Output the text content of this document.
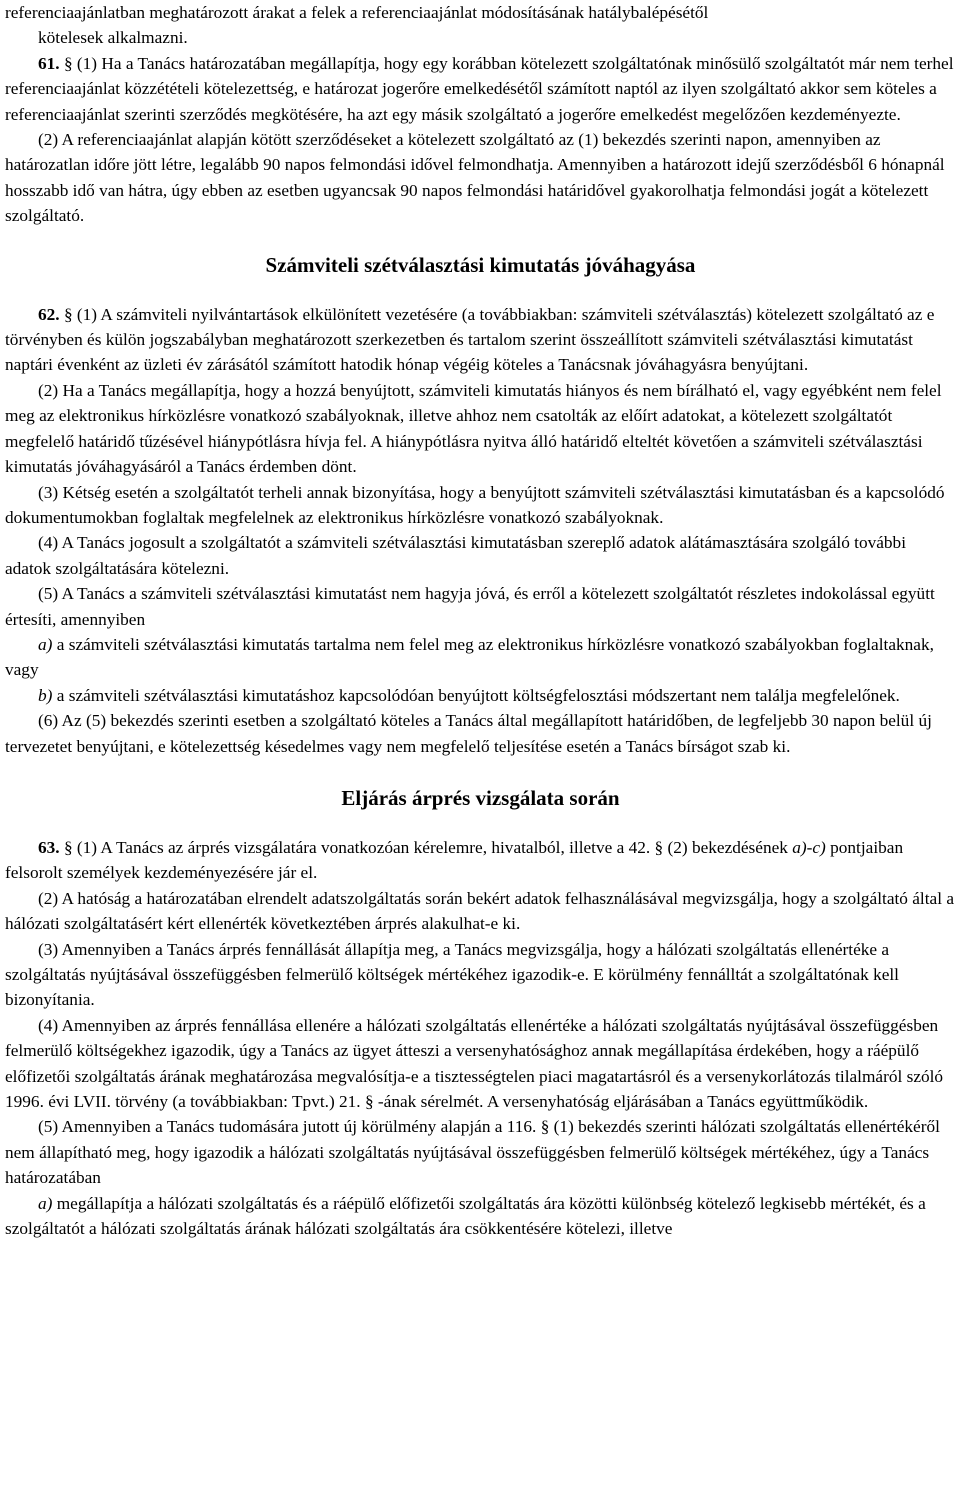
referenciaajánlatban meghatározott árakat a felek a referenciaajánlat módosításának hatálybalépésétől

kötelesek alkalmazni.

61. § (1) Ha a Tanács határozatában megállapítja, hogy egy korábban kötelezett szolgáltatónak minősülő szolgáltatót már nem terhel referenciaajánlat közzétételi kötelezettség, e határozat jogerőre emelkedésétől számított naptól az ilyen szolgáltató akkor sem köteles a referenciaajánlat szerinti szerződés megkötésére, ha azt egy másik szolgáltató a jogerőre emelkedést megelőzően kezdeményezte.

(2) A referenciaajánlat alapján kötött szerződéseket a kötelezett szolgáltató az (1) bekezdés szerinti napon, amennyiben az határozatlan időre jött létre, legalább 90 napos felmondási idővel felmondhatja. Amennyiben a határozott idejű szerződésből 6 hónapnál hosszabb idő van hátra, úgy ebben az esetben ugyancsak 90 napos felmondási határidővel gyakorolhatja felmondási jogát a kötelezett szolgáltató.

Számviteli szétválasztási kimutatás jóváhagyása

62. § (1) A számviteli nyilvántartások elkülönített vezetésére (a továbbiakban: számviteli szétválasztás) kötelezett szolgáltató az e törvényben és külön jogszabályban meghatározott szerkezetben és tartalom szerint összeállított számviteli szétválasztási kimutatást naptári évenként az üzleti év zárásától számított hatodik hónap végéig köteles a Tanácsnak jóváhagyásra benyújtani.

(2) Ha a Tanács megállapítja, hogy a hozzá benyújtott, számviteli kimutatás hiányos és nem bírálható el, vagy egyébként nem felel meg az elektronikus hírközlésre vonatkozó szabályoknak, illetve ahhoz nem csatolták az előírt adatokat, a kötelezett szolgáltatót megfelelő határidő tűzésével hiánypótlásra hívja fel. A hiánypótlásra nyitva álló határidő elteltét követően a számviteli szétválasztási kimutatás jóváhagyásáról a Tanács érdemben dönt.

(3) Kétség esetén a szolgáltatót terheli annak bizonyítása, hogy a benyújtott számviteli szétválasztási kimutatásban és a kapcsolódó dokumentumokban foglaltak megfelelnek az elektronikus hírközlésre vonatkozó szabályoknak.

(4) A Tanács jogosult a szolgáltatót a számviteli szétválasztási kimutatásban szereplő adatok alátámasztására szolgáló további adatok szolgáltatására kötelezni.

(5) A Tanács a számviteli szétválasztási kimutatást nem hagyja jóvá, és erről a kötelezett szolgáltatót részletes indokolással együtt értesíti, amennyiben

a) a számviteli szétválasztási kimutatás tartalma nem felel meg az elektronikus hírközlésre vonatkozó szabályokban foglaltaknak, vagy

b) a számviteli szétválasztási kimutatáshoz kapcsolódóan benyújtott költségfelosztási módszertant nem találja megfelelőnek.

(6) Az (5) bekezdés szerinti esetben a szolgáltató köteles a Tanács által megállapított határidőben, de legfeljebb 30 napon belül új tervezetet benyújtani, e kötelezettség késedelmes vagy nem megfelelő teljesítése esetén a Tanács bírságot szab ki.

Eljárás árprés vizsgálata során

63. § (1) A Tanács az árprés vizsgálatára vonatkozóan kérelemre, hivatalból, illetve a 42. § (2) bekezdésének a)-c) pontjaiban felsorolt személyek kezdeményezésére jár el.

(2) A hatóság a határozatában elrendelt adatszolgáltatás során bekért adatok felhasználásával megvizsgálja, hogy a szolgáltató által a hálózati szolgáltatásért kért ellenérték következtében árprés alakulhat-e ki.

(3) Amennyiben a Tanács árprés fennállását állapítja meg, a Tanács megvizsgálja, hogy a hálózati szolgáltatás ellenértéke a szolgáltatás nyújtásával összefüggésben felmerülő költségek mértékéhez igazodik-e. E körülmény fennálltát a szolgáltatónak kell bizonyítania.

(4) Amennyiben az árprés fennállása ellenére a hálózati szolgáltatás ellenértéke a hálózati szolgáltatás nyújtásával összefüggésben felmerülő költségekhez igazodik, úgy a Tanács az ügyet átteszi a versenyhatósághoz annak megállapítása érdekében, hogy a ráépülő előfizetői szolgáltatás árának meghatározása megvalósítja-e a tisztességtelen piaci magatartásról és a versenykorlátozás tilalmáról szóló 1996. évi LVII. törvény (a továbbiakban: Tpvt.) 21. § -ának sérelmét. A versenyhatóság eljárásában a Tanács együttműködik.

(5) Amennyiben a Tanács tudomására jutott új körülmény alapján a 116. § (1) bekezdés szerinti hálózati szolgáltatás ellenértékéről nem állapítható meg, hogy igazodik a hálózati szolgáltatás nyújtásával összefüggésben felmerülő költségek mértékéhez, úgy a Tanács határozatában

a) megállapítja a hálózati szolgáltatás és a ráépülő előfizetői szolgáltatás ára közötti különbség kötelező legkisebb mértékét, és a szolgáltatót a hálózati szolgáltatás árának hálózati szolgáltatás ára csökkentésére kötelezi, illetve
